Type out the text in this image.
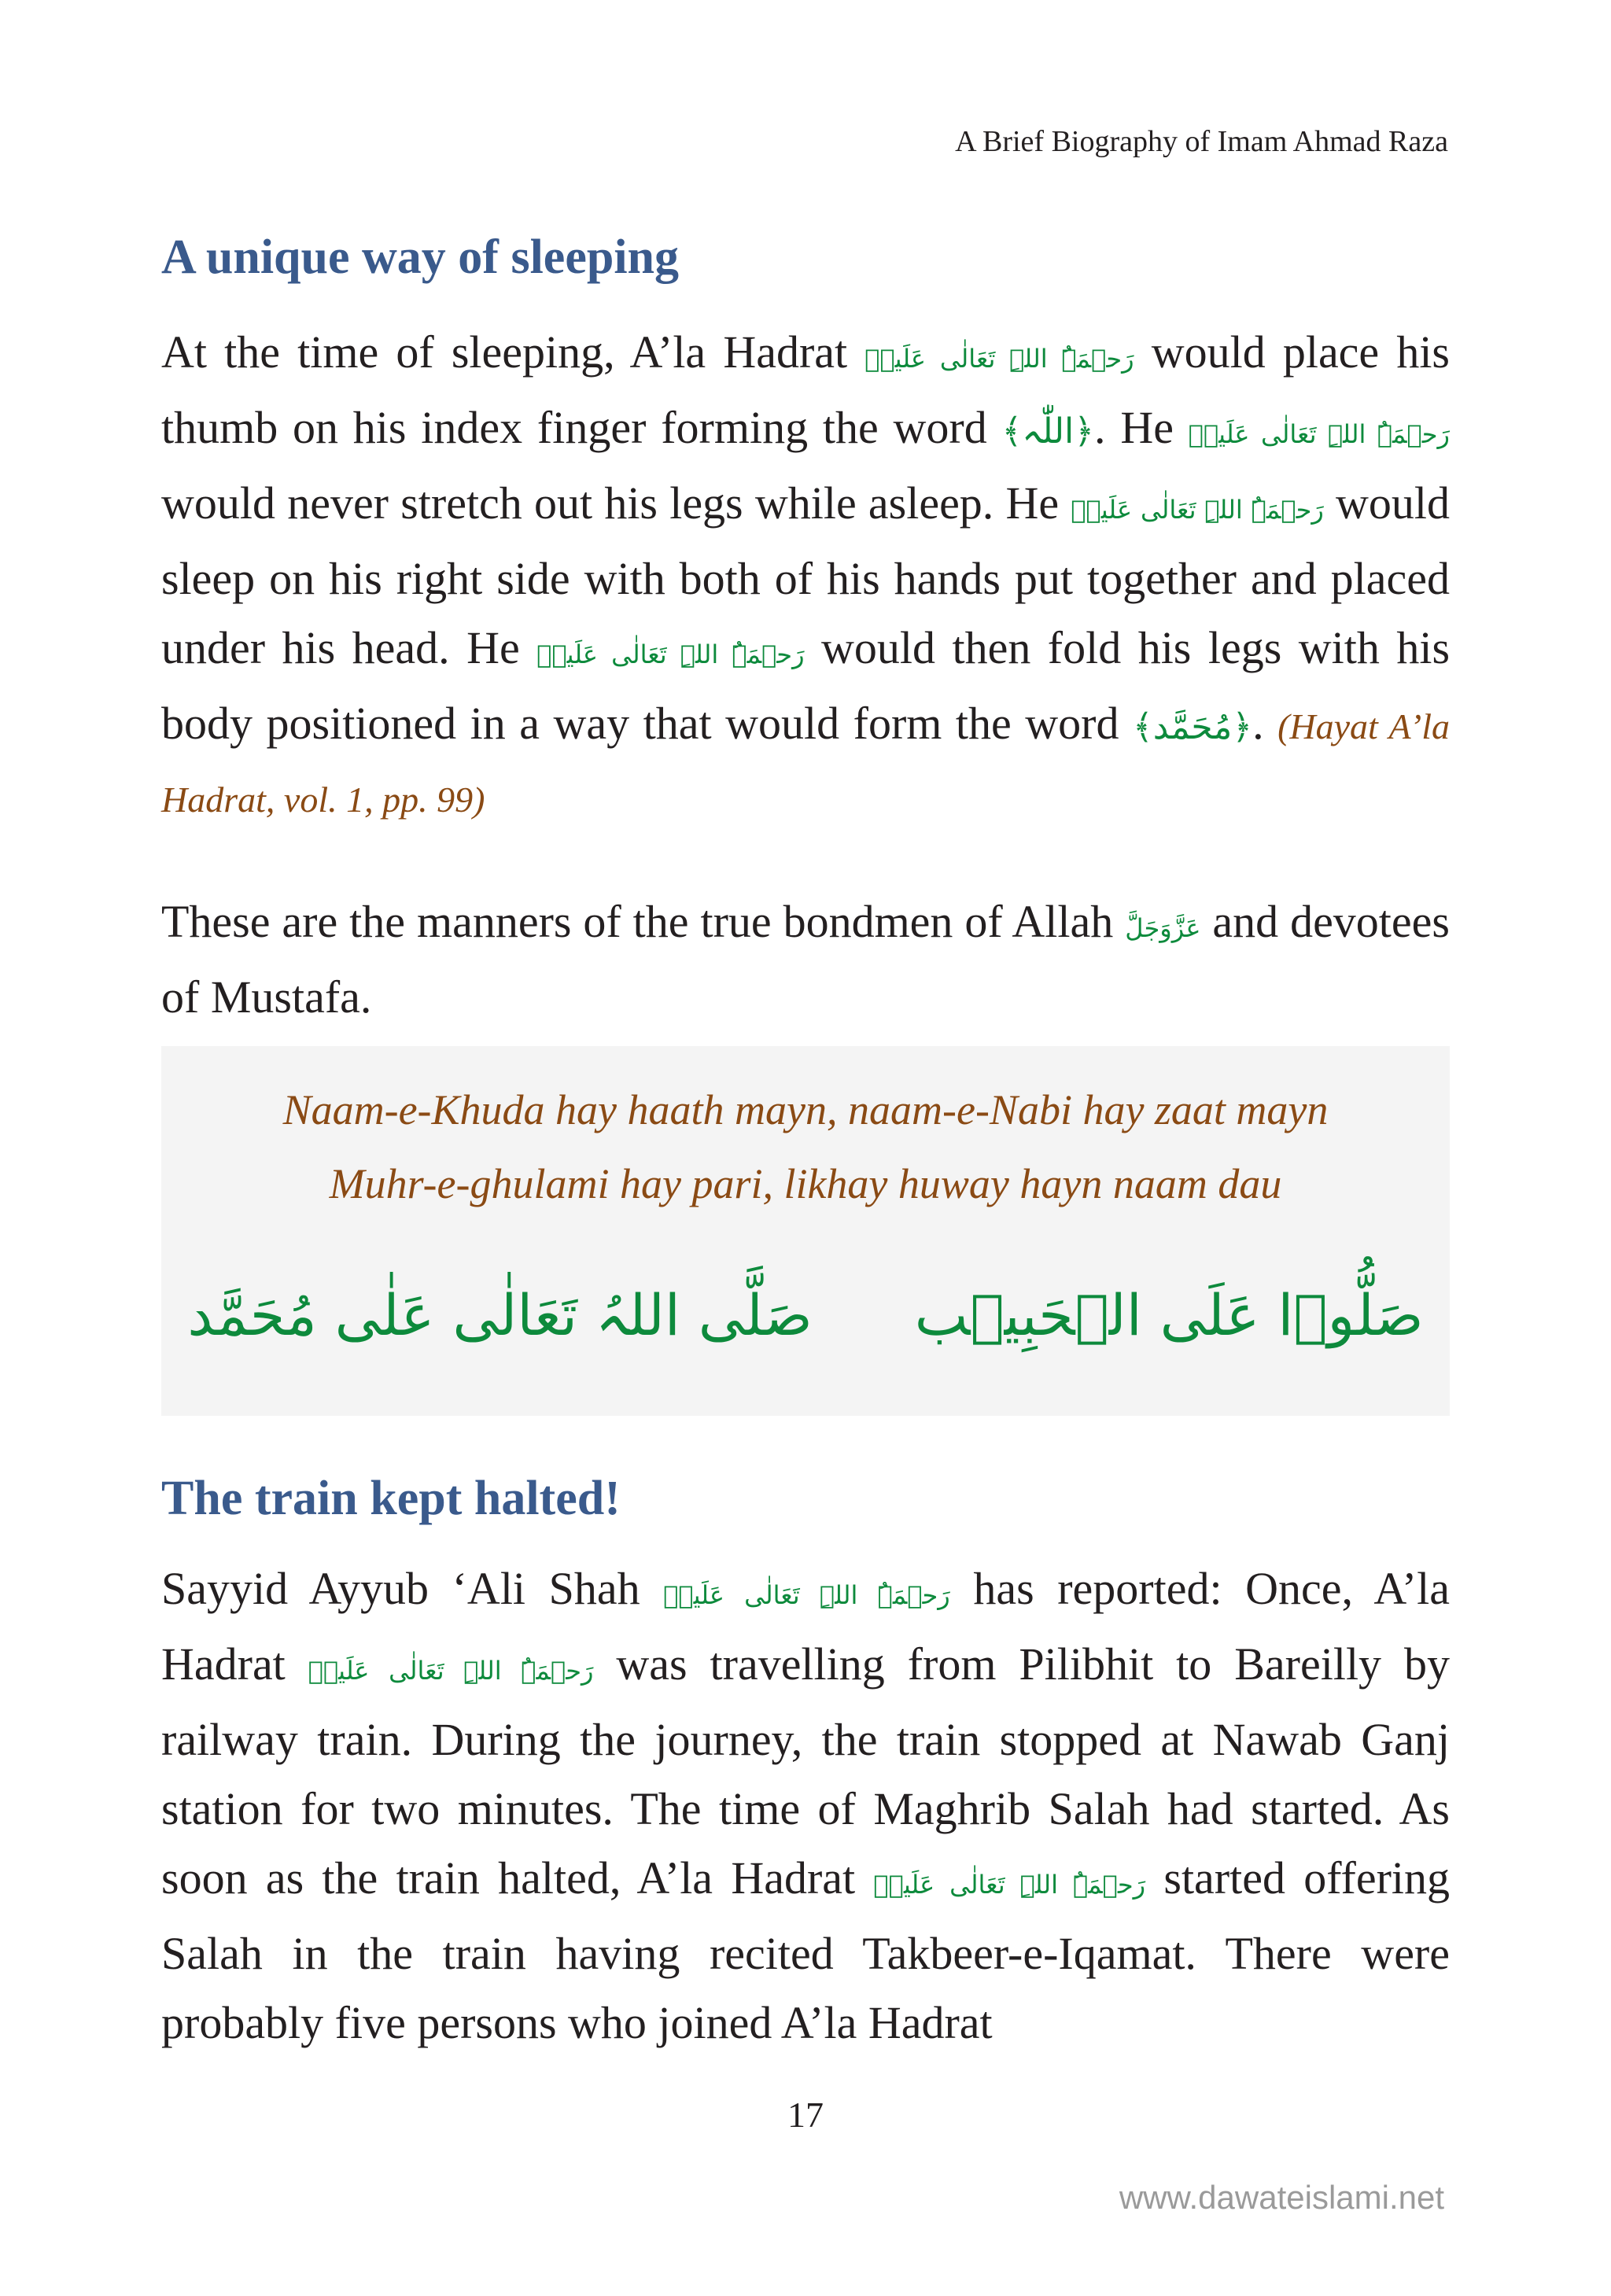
A Brief Biography of Imam Ahmad Raza
A unique way of sleeping
At the time of sleeping, A’la Hadrat رَحۡمَۃُ اللہِ تَعَالٰی عَلَیۡہ would place his thumb on his index finger forming the word ﴿اللّٰہ﴾. He رَحۡمَۃُ اللہِ تَعَالٰی عَلَیۡہ would never stretch out his legs while asleep. He رَحۡمَۃُ اللہِ تَعَالٰی عَلَیۡہ would sleep on his right side with both of his hands put together and placed under his head. He رَحۡمَۃُ اللہِ تَعَالٰی عَلَیۡہ would then fold his legs with his body positioned in a way that would form the word ﴿مُحَمَّد﴾. (Hayat A’la Hadrat, vol. 1, pp. 99)
These are the manners of the true bondmen of Allah عَزَّوَجَلَّ and devotees of Mustafa.
Naam-e-Khuda hay haath mayn, naam-e-Nabi hay zaat mayn
Muhr-e-ghulami hay pari, likhay huway hayn naam dau
صَلُّوۡا عَلَی الۡحَبِیۡب
صَلَّی اللہُ تَعَالٰی عَلٰی مُحَمَّد
The train kept halted!
Sayyid Ayyub ‘Ali Shah رَحۡمَۃُ اللہِ تَعَالٰی عَلَیۡہ has reported: Once, A’la Hadrat رَحۡمَۃُ اللہِ تَعَالٰی عَلَیۡہ was travelling from Pilibhit to Bareilly by railway train. During the journey, the train stopped at Nawab Ganj station for two minutes. The time of Maghrib Salah had started. As soon as the train halted, A’la Hadrat رَحۡمَۃُ اللہِ تَعَالٰی عَلَیۡہ started offering Salah in the train having recited Takbeer-e-Iqamat. There were probably five persons who joined A’la Hadrat
17
www.dawateislami.net
